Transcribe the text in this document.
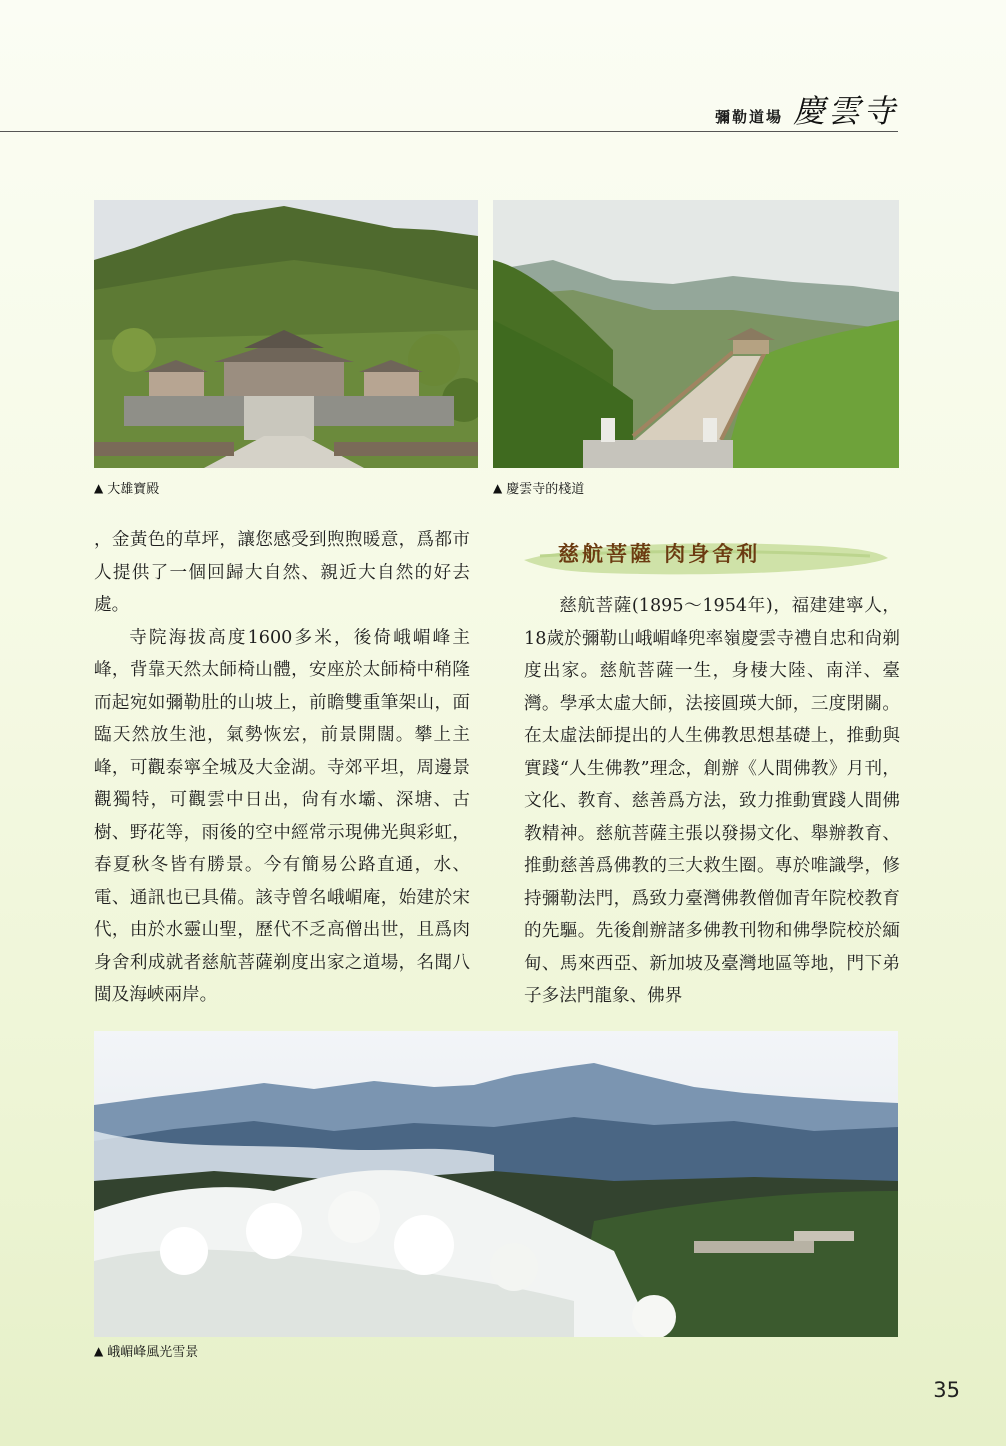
彌勒道場 慶雲寺
▲ 大雄寶殿	▲ 慶雲寺的棧道

，金黃色的草坪，讓您感受到煦煦暖意，爲都市人提供了一個回歸大自然、親近大自然的好去處。

寺院海拔高度1600多米，後倚峨嵋峰主峰，背靠天然太師椅山體，安座於太師椅中稍隆而起宛如彌勒肚的山坡上，前瞻雙重筆架山，面臨天然放生池，氣勢恢宏，前景開闊。攀上主峰，可觀泰寧全城及大金湖。寺郊平坦，周邊景觀獨特，可觀雲中日出，尙有水壩、深塘、古樹、野花等，雨後的空中經常示現佛光與彩虹，春夏秋冬皆有勝景。今有簡易公路直通，水、電、通訊也已具備。該寺曾名峨嵋庵，始建於宋代，由於水靈山聖，歷代不乏高僧出世，且爲肉身舍利成就者慈航菩薩剃度出家之道場，名聞八閩及海峽兩岸。

慈航菩薩 肉身舍利

慈航菩薩(1895～1954年)，福建建寧人，18歲於彌勒山峨嵋峰兜率嶺慶雲寺禮自忠和尙剃度出家。慈航菩薩一生，身棲大陸、南洋、臺灣。學承太虛大師，法接圓瑛大師，三度閉關。在太虛法師提出的人生佛教思想基礎上，推動與實踐“人生佛教”理念，創辦《人間佛教》月刊，文化、教育、慈善爲方法，致力推動實踐人間佛教精神。慈航菩薩主張以發揚文化、舉辦教育、推動慈善爲佛教的三大救生圈。專於唯識學，修持彌勒法門，爲致力臺灣佛教僧伽青年院校教育的先驅。先後創辦諸多佛教刊物和佛學院校於緬甸、馬來西亞、新加坡及臺灣地區等地，門下弟子多法門龍象、佛界

▲ 峨嵋峰風光雪景
35
